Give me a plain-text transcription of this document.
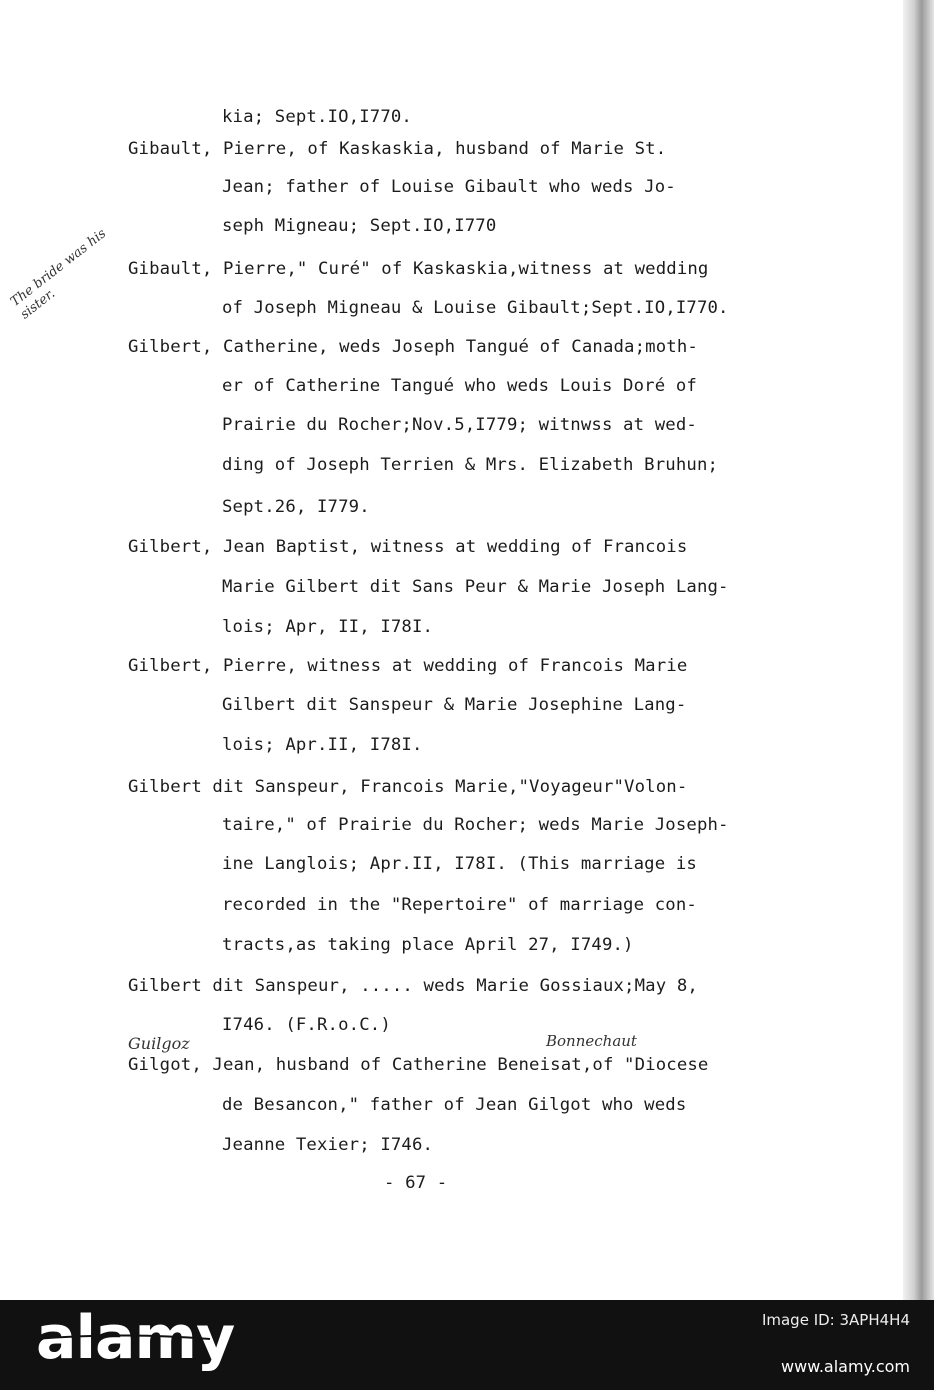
kia; Sept.IO,I770.
Gibault, Pierre, of Kaskaskia, husband of Marie St.
Jean; father of Louise Gibault who weds Jo-
seph Migneau; Sept.IO,I770
Gibault, Pierre," Curé" of Kaskaskia,witness at wedding
of Joseph Migneau & Louise Gibault;Sept.IO,I770.
Gilbert, Catherine, weds Joseph Tangué of Canada;moth-
er of Catherine Tangué who weds Louis Doré of
Prairie du Rocher;Nov.5,I779; witnwss at wed-
ding of Joseph Terrien & Mrs. Elizabeth Bruhun;
Sept.26, I779.
Gilbert, Jean Baptist, witness at wedding of Francois
Marie Gilbert dit Sans Peur & Marie Joseph Lang-
lois; Apr, II, I78I.
Gilbert, Pierre, witness at wedding of Francois Marie
Gilbert dit Sanspeur & Marie Josephine Lang-
lois; Apr.II, I78I.
Gilbert dit Sanspeur, Francois Marie,"Voyageur"Volon-
taire," of Prairie du Rocher; weds Marie Joseph-
ine Langlois; Apr.II, I78I. (This marriage is
recorded in the "Repertoire" of marriage con-
tracts,as taking place April 27, I749.)
Gilbert dit Sanspeur, ..... weds Marie Gossiaux;May 8,
I746. (F.R.o.C.)
Gilgot, Jean, husband of Catherine Beneisat,of "Diocese
de Besancon," father of Jean Gilgot who weds
Jeanne Texier; I746.
- 67 -
The bride was his sister.
Guilgoz	Bonnechaut
alamy	Image ID: 3APH4H4
www.alamy.com
